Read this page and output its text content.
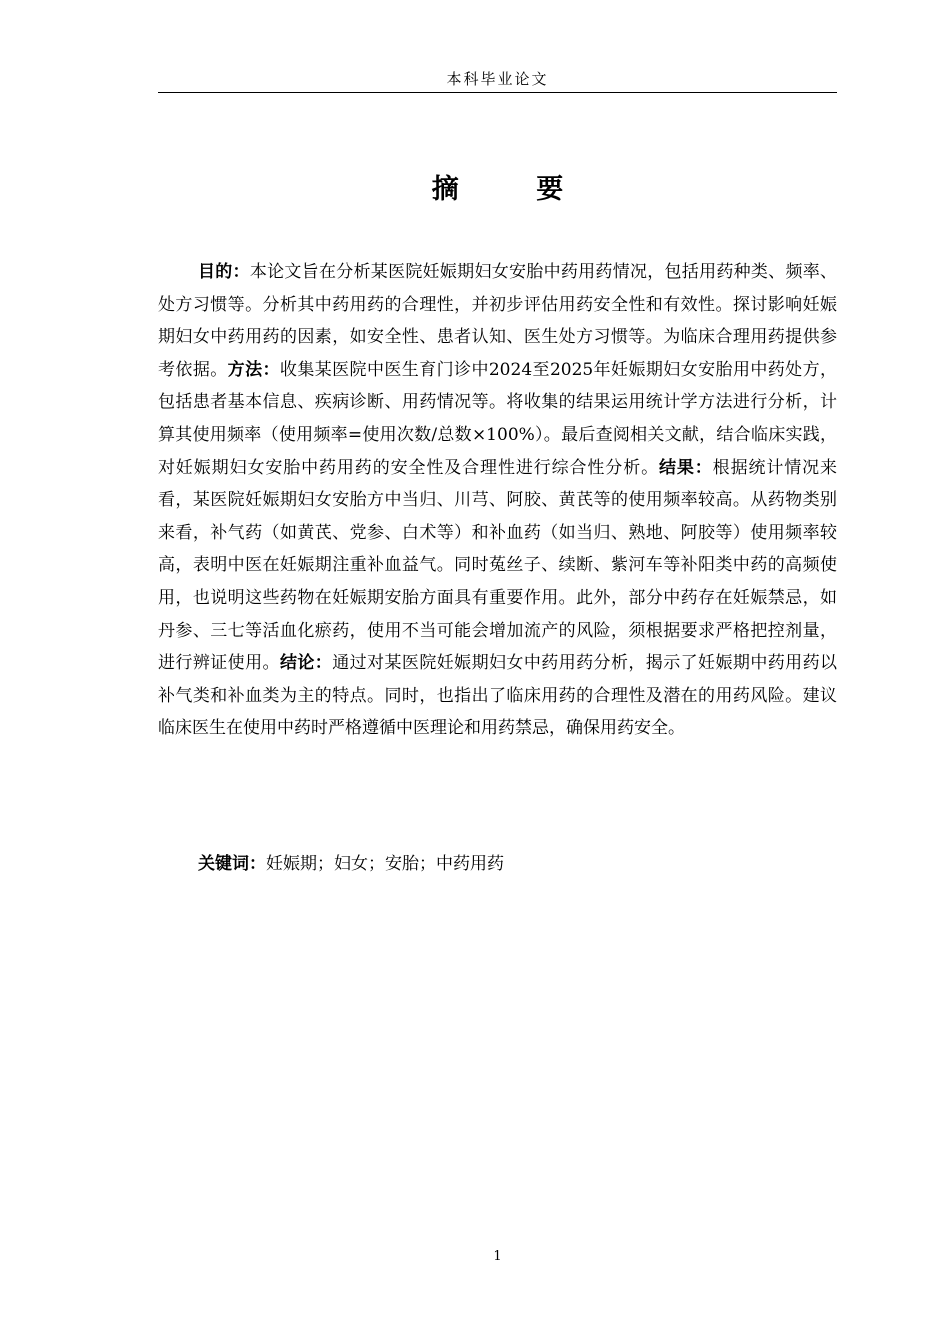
本科毕业论文
摘 要

目的：本论文旨在分析某医院妊娠期妇女安胎中药用药情况，包括用药种类、频率、处方习惯等。分析其中药用药的合理性，并初步评估用药安全性和有效性。探讨影响妊娠期妇女中药用药的因素，如安全性、患者认知、医生处方习惯等。为临床合理用药提供参考依据。方法：收集某医院中医生育门诊中2024至2025年妊娠期妇女安胎用中药处方，包括患者基本信息、疾病诊断、用药情况等。将收集的结果运用统计学方法进行分析，计算其使用频率（使用频率=使用次数/总数×100%）。最后查阅相关文献，结合临床实践，对妊娠期妇女安胎中药用药的安全性及合理性进行综合性分析。结果：根据统计情况来看，某医院妊娠期妇女安胎方中当归、川芎、阿胶、黄芪等的使用频率较高。从药物类别来看，补气药（如黄芪、党参、白术等）和补血药（如当归、熟地、阿胶等）使用频率较高，表明中医在妊娠期注重补血益气。同时菟丝子、续断、紫河车等补阳类中药的高频使用，也说明这些药物在妊娠期安胎方面具有重要作用。此外，部分中药存在妊娠禁忌，如丹参、三七等活血化瘀药，使用不当可能会增加流产的风险，须根据要求严格把控剂量，进行辨证使用。结论：通过对某医院妊娠期妇女中药用药分析，揭示了妊娠期中药用药以补气类和补血类为主的特点。同时，也指出了临床用药的合理性及潜在的用药风险。建议临床医生在使用中药时严格遵循中医理论和用药禁忌，确保用药安全。

关键词：妊娠期；妇女；安胎；中药用药

1
